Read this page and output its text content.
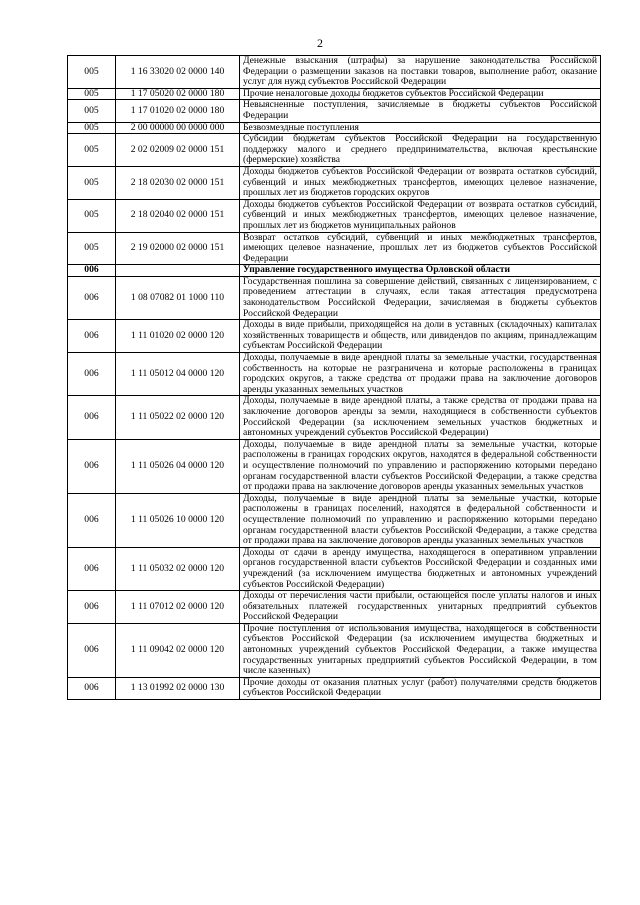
2
005	1 16 33020 02 0000 140	Денежные взыскания (штрафы) за нарушение законодательства Российской Федерации о размещении заказов на поставки товаров, выполнение работ, оказание услуг для нужд субъектов Российской Федерации
005	1 17 05020 02 0000 180	Прочие неналоговые доходы бюджетов субъектов Российской Федерации
005	1 17 01020 02 0000 180	Невыясненные поступления, зачисляемые в бюджеты субъектов Российской Федерации
005	2 00 00000 00 0000 000	Безвозмездные поступления
005	2 02 02009 02 0000 151	Субсидии бюджетам субъектов Российской Федерации на государственную поддержку малого и среднего предпринимательства, включая крестьянские (фермерские) хозяйства
005	2 18 02030 02 0000 151	Доходы бюджетов субъектов Российской Федерации от возврата остатков субсидий, субвенций и иных межбюджетных трансфертов, имеющих целевое назначение, прошлых лет из бюджетов городских округов
005	2 18 02040 02 0000 151	Доходы бюджетов субъектов Российской Федерации от возврата остатков субсидий, субвенций и иных межбюджетных трансфертов, имеющих целевое назначение, прошлых лет из бюджетов муниципальных районов
005	2 19 02000 02 0000 151	Возврат остатков субсидий, субвенций и иных межбюджетных трансфертов, имеющих целевое назначение, прошлых лет из бюджетов субъектов Российской Федерации
006		Управление государственного имущества Орловской области
006	1 08 07082 01 1000 110	Государственная пошлина за совершение действий, связанных с лицензированием, с проведением аттестации в случаях, если такая аттестация предусмотрена законодательством Российской Федерации, зачисляемая в бюджеты субъектов Российской Федерации
006	1 11 01020 02 0000 120	Доходы в виде прибыли, приходящейся на доли в уставных (складочных) капиталах хозяйственных товариществ и обществ, или дивидендов по акциям, принадлежащим субъектам Российской Федерации
006	1 11 05012 04 0000 120	Доходы, получаемые в виде арендной платы за земельные участки, государственная собственность на которые не разграничена и которые расположены в границах городских округов, а также средства от продажи права на заключение договоров аренды указанных земельных участков
006	1 11 05022 02 0000 120	Доходы, получаемые в виде арендной платы, а также средства от продажи права на заключение договоров аренды за земли, находящиеся в собственности субъектов Российской Федерации (за исключением земельных участков бюджетных и автономных учреждений субъектов Российской Федерации)
006	1 11 05026 04 0000 120	Доходы, получаемые в виде арендной платы за земельные участки, которые расположены в границах городских округов, находятся в федеральной собственности и осуществление полномочий по управлению и распоряжению которыми передано органам государственной власти субъектов Российской Федерации, а также средства от продажи права на заключение договоров аренды указанных земельных участков
006	1 11 05026 10 0000 120	Доходы, получаемые в виде арендной платы за земельные участки, которые расположены в границах поселений, находятся в федеральной собственности и осуществление полномочий по управлению и распоряжению которыми передано органам государственной власти субъектов Российской Федерации, а также средства от продажи права на заключение договоров аренды указанных земельных участков
006	1 11 05032 02 0000 120	Доходы от сдачи в аренду имущества, находящегося в оперативном управлении органов государственной власти субъектов Российской Федерации и созданных ими учреждений (за исключением имущества бюджетных и автономных учреждений субъектов Российской Федерации)
006	1 11 07012 02 0000 120	Доходы от перечисления части прибыли, остающейся после уплаты налогов и иных обязательных платежей государственных унитарных предприятий субъектов Российской Федерации
006	1 11 09042 02 0000 120	Прочие поступления от использования имущества, находящегося в собственности субъектов Российской Федерации (за исключением имущества бюджетных и автономных учреждений субъектов Российской Федерации, а также имущества государственных унитарных предприятий субъектов Российской Федерации, в том числе казенных)
006	1 13 01992 02 0000 130	Прочие доходы от оказания платных услуг (работ) получателями средств бюджетов субъектов Российской Федерации
